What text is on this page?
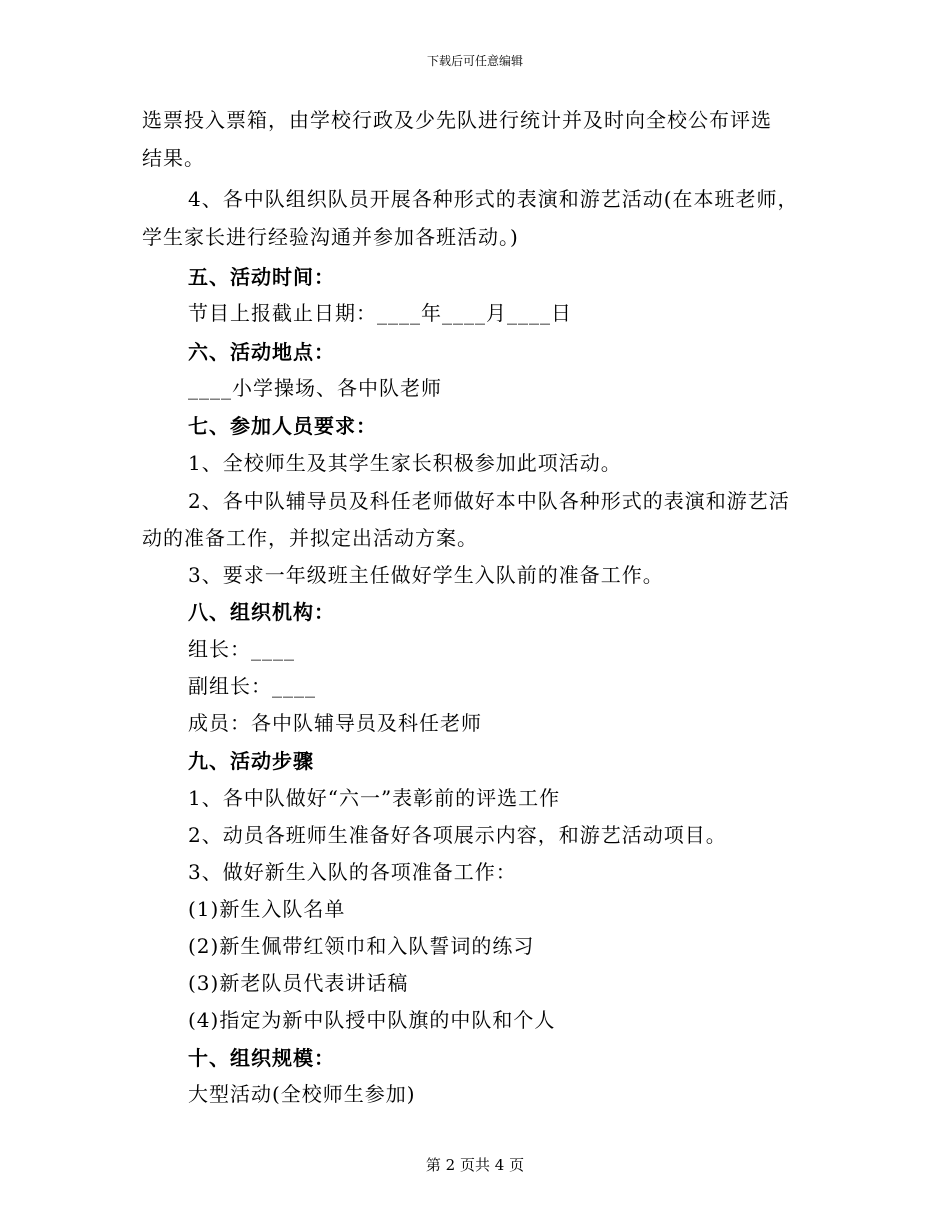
下载后可任意编辑
选票投入票箱，由学校行政及少先队进行统计并及时向全校公布评选
结果。
4、各中队组织队员开展各种形式的表演和游艺活动(在本班老师，
学生家长进行经验沟通并参加各班活动。)
五、活动时间：
节目上报截止日期：____年____月____日
六、活动地点：
____小学操场、各中队老师
七、参加人员要求：
1、全校师生及其学生家长积极参加此项活动。
2、各中队辅导员及科任老师做好本中队各种形式的表演和游艺活
动的准备工作，并拟定出活动方案。
3、要求一年级班主任做好学生入队前的准备工作。
八、组织机构：
组长：____
副组长：____
成员：各中队辅导员及科任老师
九、活动步骤
1、各中队做好“六一”表彰前的评选工作
2、动员各班师生准备好各项展示内容，和游艺活动项目。
3、做好新生入队的各项准备工作：
(1)新生入队名单
(2)新生佩带红领巾和入队誓词的练习
(3)新老队员代表讲话稿
(4)指定为新中队授中队旗的中队和个人
十、组织规模：
大型活动(全校师生参加)
第 2 页共 4 页
